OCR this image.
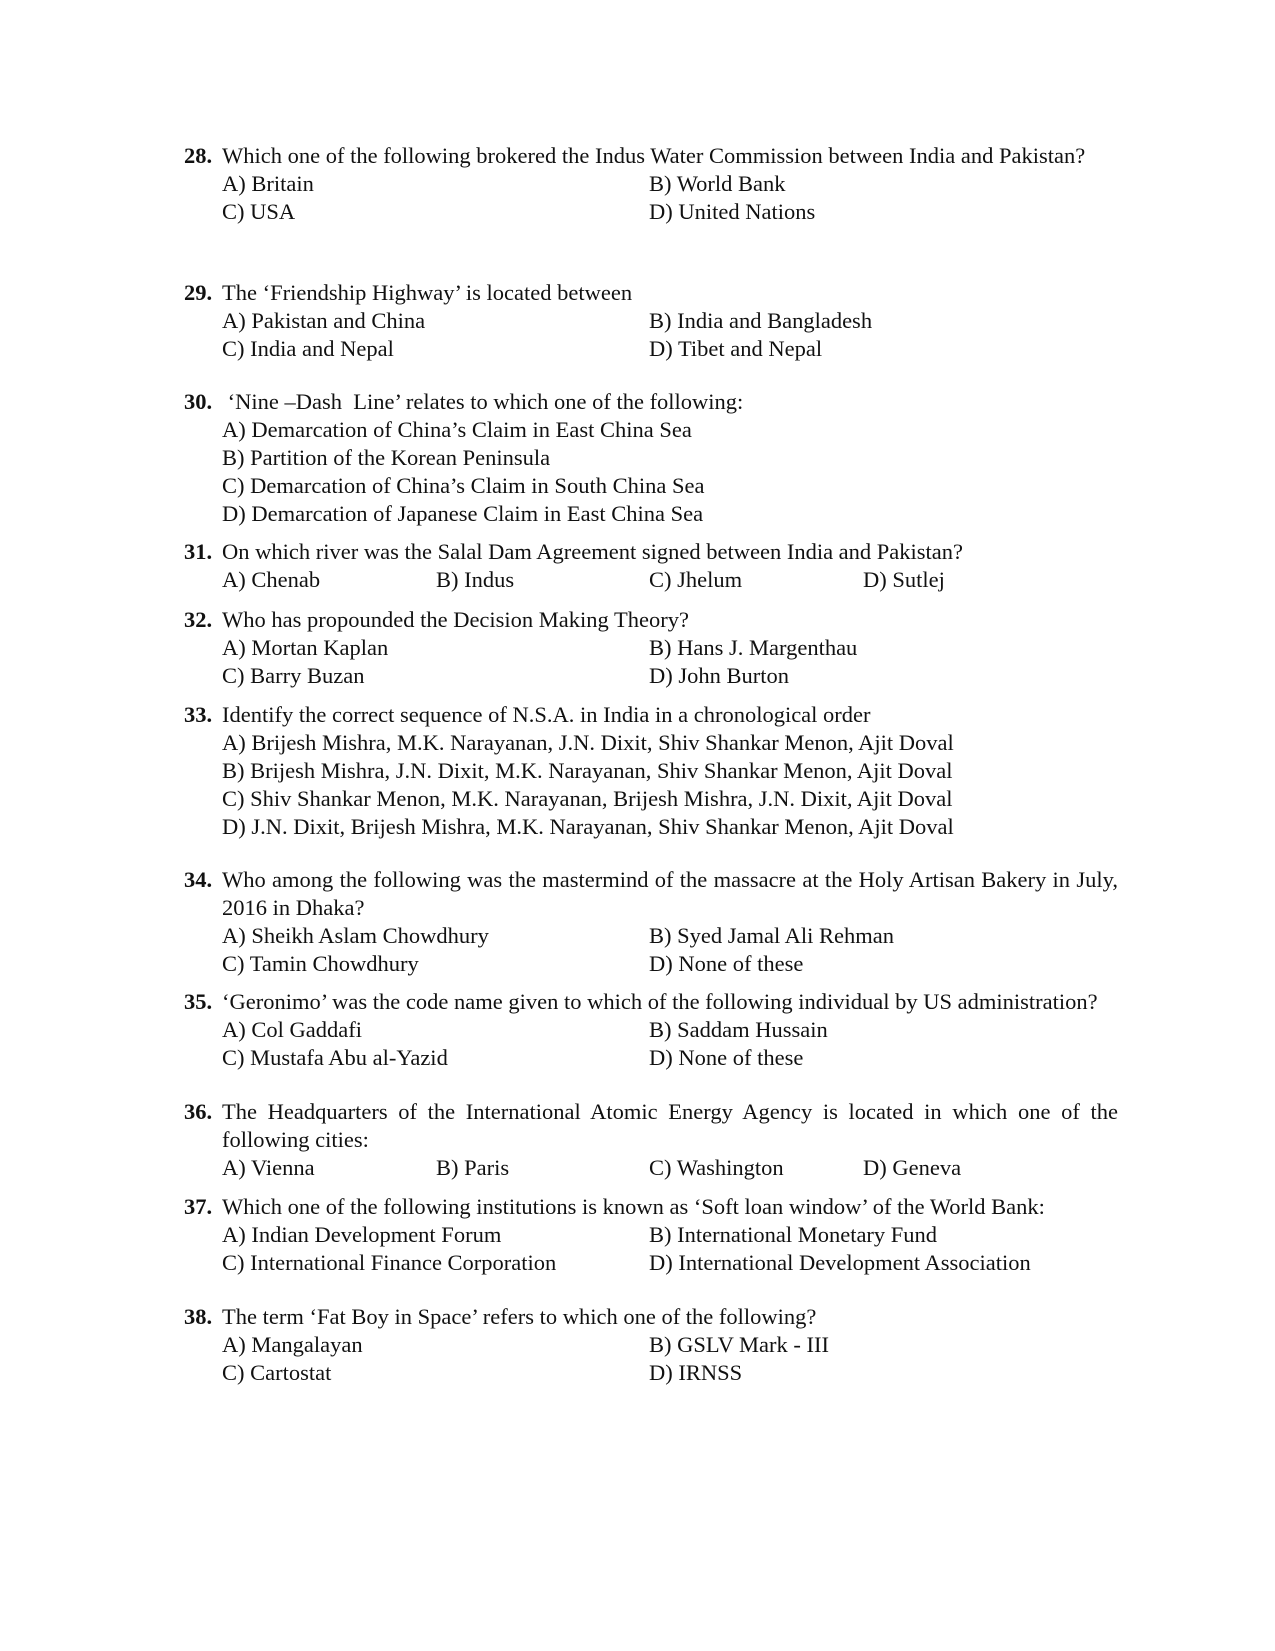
28. Which one of the following brokered the Indus Water Commission between India and Pakistan?
A) Britain	B) World Bank
C) USA	D) United Nations
29. The ‘Friendship Highway’ is located between
A) Pakistan and China	B) India and Bangladesh
C) India and Nepal	D) Tibet and Nepal
30. ‘Nine –Dash  Line’ relates to which one of the following:
A) Demarcation of China’s Claim in East China Sea
B) Partition of the Korean Peninsula
C) Demarcation of China’s Claim in South China Sea
D) Demarcation of Japanese Claim in East China Sea
31. On which river was the Salal Dam Agreement signed between India and Pakistan?
A) Chenab	B) Indus	C) Jhelum	D) Sutlej
32. Who has propounded the Decision Making Theory?
A) Mortan Kaplan	B) Hans J. Margenthau
C) Barry Buzan	D) John Burton
33. Identify the correct sequence of N.S.A. in India in a chronological order
A) Brijesh Mishra, M.K. Narayanan, J.N. Dixit, Shiv Shankar Menon, Ajit Doval
B) Brijesh Mishra, J.N. Dixit, M.K. Narayanan, Shiv Shankar Menon, Ajit Doval
C) Shiv Shankar Menon, M.K. Narayanan, Brijesh Mishra, J.N. Dixit, Ajit Doval
D) J.N. Dixit, Brijesh Mishra, M.K. Narayanan, Shiv Shankar Menon, Ajit Doval
34. Who among the following was the mastermind of the massacre at the Holy Artisan Bakery in July, 2016 in Dhaka?
A) Sheikh Aslam Chowdhury	B) Syed Jamal Ali Rehman
C) Tamin Chowdhury	D) None of these
35. ‘Geronimo’ was the code name given to which of the following individual by US administration?
A) Col Gaddafi	B) Saddam Hussain
C) Mustafa Abu al-Yazid	D) None of these
36. The Headquarters of the International Atomic Energy Agency is located in which one of the following cities:
A) Vienna	B) Paris	C) Washington	D) Geneva
37. Which one of the following institutions is known as ‘Soft loan window’ of the World Bank:
A) Indian Development Forum	B) International Monetary Fund
C) International Finance Corporation	D) International Development Association
38. The term ‘Fat Boy in Space’ refers to which one of the following?
A) Mangalayan	B) GSLV Mark - III
C) Cartostat	D) IRNSS
